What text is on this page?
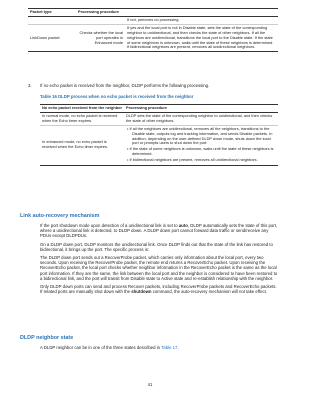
Packet type	Processing procedure	
		If not, performs no processing.
LinkDown packet	Checks whether the local port operates in Enhanced mode	If yes and the local port is not in Disable state, sets the state of the corresponding neighbor to unidirectional, and then checks the state of other neighbors. If all the neighbors are unidirectional, transitions the local port to the Disable state. If the state of some neighbors is unknown, waits until the state of these neighbors is determined. If bidirectional neighbors are present, removes all unidirectional neighbors.
3. If no echo packet is received from the neighbor, DLDP performs the following processing.
Table 16 DLDP process when no echo packet is received from the neighbor
No echo packet received from the neighbor	Processing procedure
In normal mode, no echo packet is received when the Echo timer expires.	DLDP sets the state of the corresponding neighbor to unidirectional, and then checks the state of other neighbors.
In enhanced mode, no echo packet is received when the Echo timer expires.	• If all the neighbors are unidirectional, removes all the neighbors, transitions to the Disable state, outputs log and tracking information, and sends Disable packets. In addition, depending on the user-defined DLDP down mode, shuts down the local port or prompts users to shut down the port.

• If the state of some neighbors is unknown, waits until the state of these neighbors is determined.

• If bidirectional neighbors are present, removes all unidirectional neighbors.

Link auto-recovery mechanism

If the port shutdown mode upon detection of a unidirectional link is set to auto, DLDP automatically sets the state of this port, where a unidirectional link is detected, to DLDP down. A DLDP down port cannot forward data traffic or send/receive any PDUs except DLDPDUs.

On a DLDP down port, DLDP monitors the unidirectional link. Once DLDP finds out that the state of the link has restored to bidirectional, it brings up the port. The specific process is:

The DLDP down port sends out a RecoverProbe packet, which carries only information about the local port, every two seconds. Upon receiving the RecoverProbe packet, the remote end returns a RecoverEcho packet. Upon receiving the RecoverEcho packet, the local port checks whether neighbor information in the RecoverEcho packet is the same as the local port information. If they are the same, the link between the local port and the neighbor is considered to have been restored to a bidirectional link, and the port will transit from Disable state to Active state and re-establish relationship with the neighbor.

Only DLDP down ports can send and process Recover packets, including RecoverProbe packets and RecoverEcho packets. If related ports are manually shut down with the shutdown command, the auto-recovery mechanism will not take effect.

DLDP neighbor state
A DLDP neighbor can be in one of the three states described in Table 17.
41
